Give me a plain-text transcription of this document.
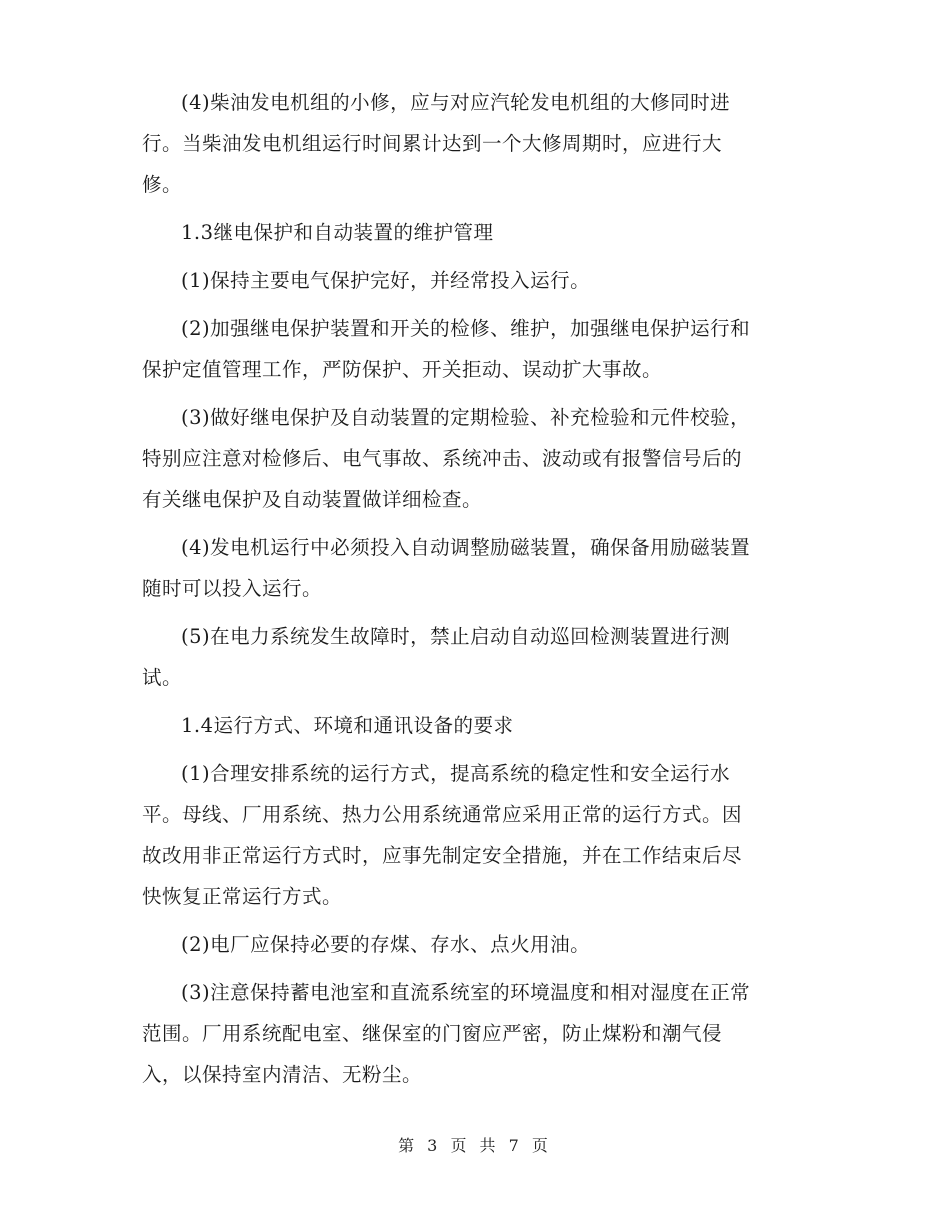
(4)柴油发电机组的小修，应与对应汽轮发电机组的大修同时进
行。当柴油发电机组运行时间累计达到一个大修周期时，应进行大
修。
1.3继电保护和自动装置的维护管理
(1)保持主要电气保护完好，并经常投入运行。
(2)加强继电保护装置和开关的检修、维护，加强继电保护运行和
保护定值管理工作，严防保护、开关拒动、误动扩大事故。
(3)做好继电保护及自动装置的定期检验、补充检验和元件校验，
特别应注意对检修后、电气事故、系统冲击、波动或有报警信号后的
有关继电保护及自动装置做详细检查。
(4)发电机运行中必须投入自动调整励磁装置，确保备用励磁装置
随时可以投入运行。
(5)在电力系统发生故障时，禁止启动自动巡回检测装置进行测
试。
1.4运行方式、环境和通讯设备的要求
(1)合理安排系统的运行方式，提高系统的稳定性和安全运行水
平。母线、厂用系统、热力公用系统通常应采用正常的运行方式。因
故改用非正常运行方式时，应事先制定安全措施，并在工作结束后尽
快恢复正常运行方式。
(2)电厂应保持必要的存煤、存水、点火用油。
(3)注意保持蓄电池室和直流系统室的环境温度和相对湿度在正常
范围。厂用系统配电室、继保室的门窗应严密，防止煤粉和潮气侵
入，以保持室内清洁、无粉尘。
第 3 页 共 7 页
